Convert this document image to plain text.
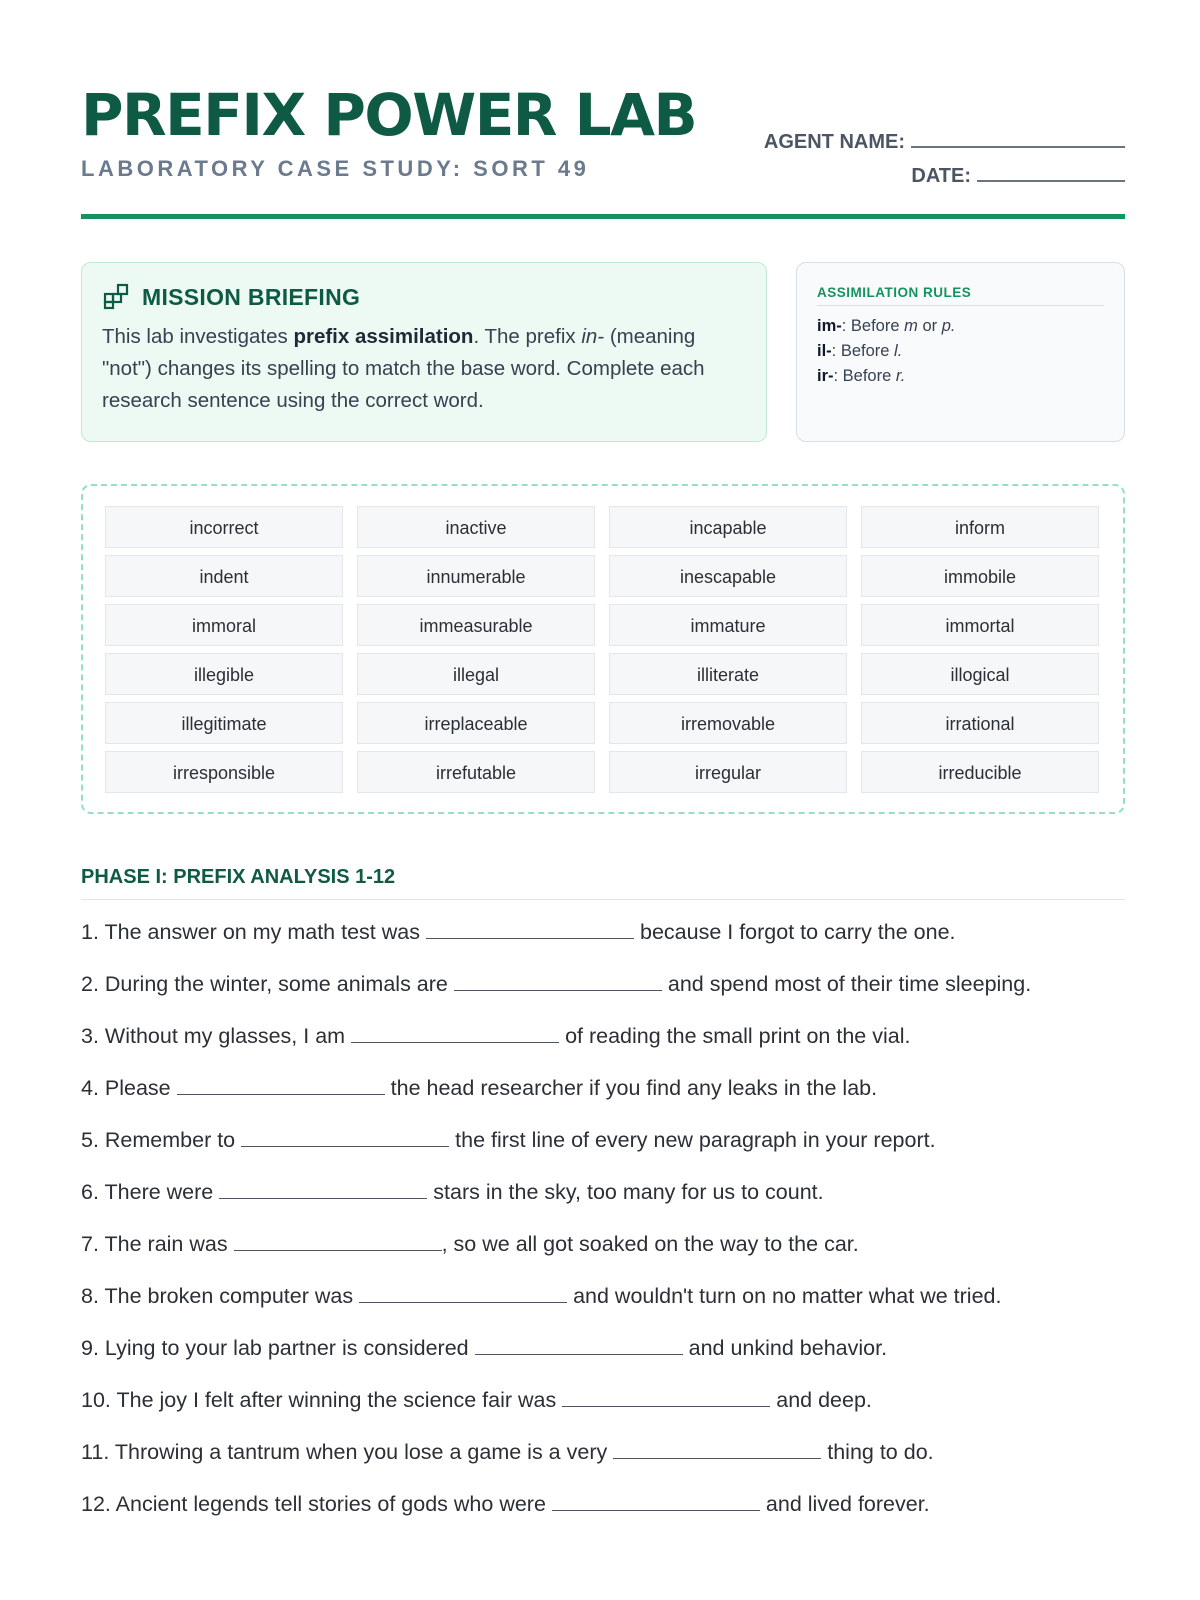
PREFIX POWER LAB
LABORATORY CASE STUDY: SORT 49
AGENT NAME:
DATE:
MISSION BRIEFING
This lab investigates prefix assimilation. The prefix in- (meaning "not") changes its spelling to match the base word. Complete each research sentence using the correct word.
ASSIMILATION RULES
im-: Before m or p.
il-: Before l.
ir-: Before r.
incorrect	inactive	incapable	inform
indent	innumerable	inescapable	immobile
immoral	immeasurable	immature	immortal
illegible	illegal	illiterate	illogical
illegitimate	irreplaceable	irremovable	irrational
irresponsible	irrefutable	irregular	irreducible
PHASE I: PREFIX ANALYSIS 1-12
1. The answer on my math test was	because I forgot to carry the one.
2. During the winter, some animals are	and spend most of their time sleeping.
3. Without my glasses, I am	of reading the small print on the vial.
4. Please	the head researcher if you find any leaks in the lab.
5. Remember to	the first line of every new paragraph in your report.
6. There were	stars in the sky, too many for us to count.
7. The rain was	, so we all got soaked on the way to the car.
8. The broken computer was	and wouldn't turn on no matter what we tried.
9. Lying to your lab partner is considered	and unkind behavior.
10. The joy I felt after winning the science fair was	and deep.
11. Throwing a tantrum when you lose a game is a very	thing to do.
12. Ancient legends tell stories of gods who were	and lived forever.
